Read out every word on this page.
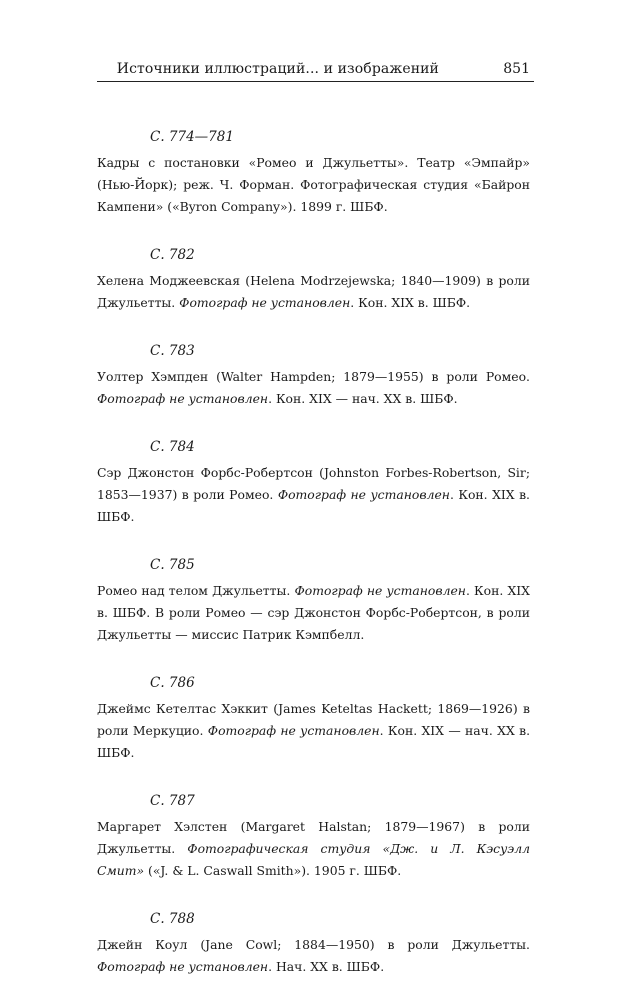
Источники иллюстраций... и изображений	851
С. 774—781
Кадры с постановки «Ромео и Джульетты». Театр «Эмпайр» (Нью-Йорк); реж. Ч. Форман. Фотографическая студия «Байрон Кампени» («Byron Company»). 1899 г. ШБФ.
С. 782
Хелена Моджеевская (Helena Modrzejewska; 1840—1909) в роли Джульетты. Фотограф не установлен. Кон. XIX в. ШБФ.
С. 783
Уолтер Хэмпден (Walter Hampden; 1879—1955) в роли Ромео. Фотограф не установлен. Кон. XIX — нач. XX в. ШБФ.
С. 784
Сэр Джонстон Форбс-Робертсон (Johnston Forbes-Robertson, Sir; 1853—1937) в роли Ромео. Фотограф не установлен. Кон. XIX в. ШБФ.
С. 785
Ромео над телом Джульетты. Фотограф не установлен. Кон. XIX в. ШБФ. В роли Ромео — сэр Джонстон Форбс-Робертсон, в роли Джульетты — миссис Патрик Кэмпбелл.
С. 786
Джеймс Кетелтас Хэккит (James Keteltas Hackett; 1869—1926) в роли Меркуцио. Фотограф не установлен. Кон. XIX — нач. XX в. ШБФ.
С. 787
Маргарет Хэлстен (Margaret Halstan; 1879—1967) в роли Джульетты. Фотографическая студия «Дж. и Л. Кэсуэлл Смит» («J. & L. Caswall Smith»). 1905 г. ШБФ.
С. 788
Джейн Коул (Jane Cowl; 1884—1950) в роли Джульетты. Фотограф не установлен. Нач. XX в. ШБФ.
